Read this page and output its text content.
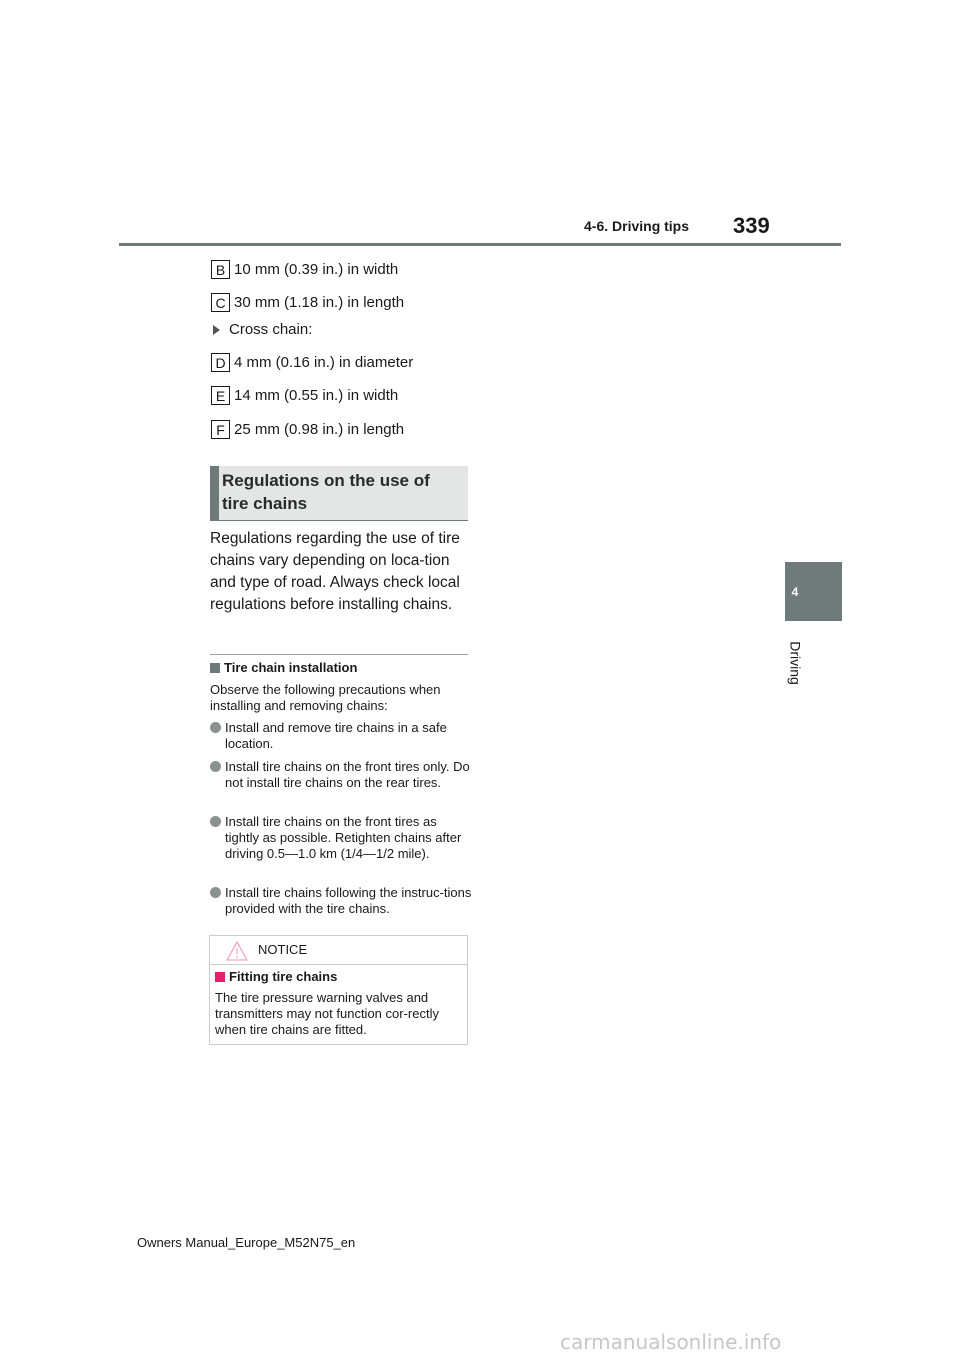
4-6. Driving tips 339
4
Driving
B 10 mm (0.39 in.) in width
C 30 mm (1.18 in.) in length
Cross chain:
D 4 mm (0.16 in.) in diameter
E 14 mm (0.55 in.) in width
F 25 mm (0.98 in.) in length
Regulations on the use of
tire chains
Regulations regarding the use of tire chains vary depending on loca-tion and type of road. Always check local regulations before installing chains.
Tire chain installation
Observe the following precautions when installing and removing chains:
Install and remove tire chains in a safe location.
Install tire chains on the front tires only. Do not install tire chains on the rear tires.
Install tire chains on the front tires as tightly as possible. Retighten chains after driving 0.5—1.0 km (1/4—1/2 mile).
Install tire chains following the instruc-tions provided with the tire chains.
NOTICE
Fitting tire chains
The tire pressure warning valves and transmitters may not function cor-rectly when tire chains are fitted.
Owners Manual_Europe_M52N75_en
carmanualsonline.info
